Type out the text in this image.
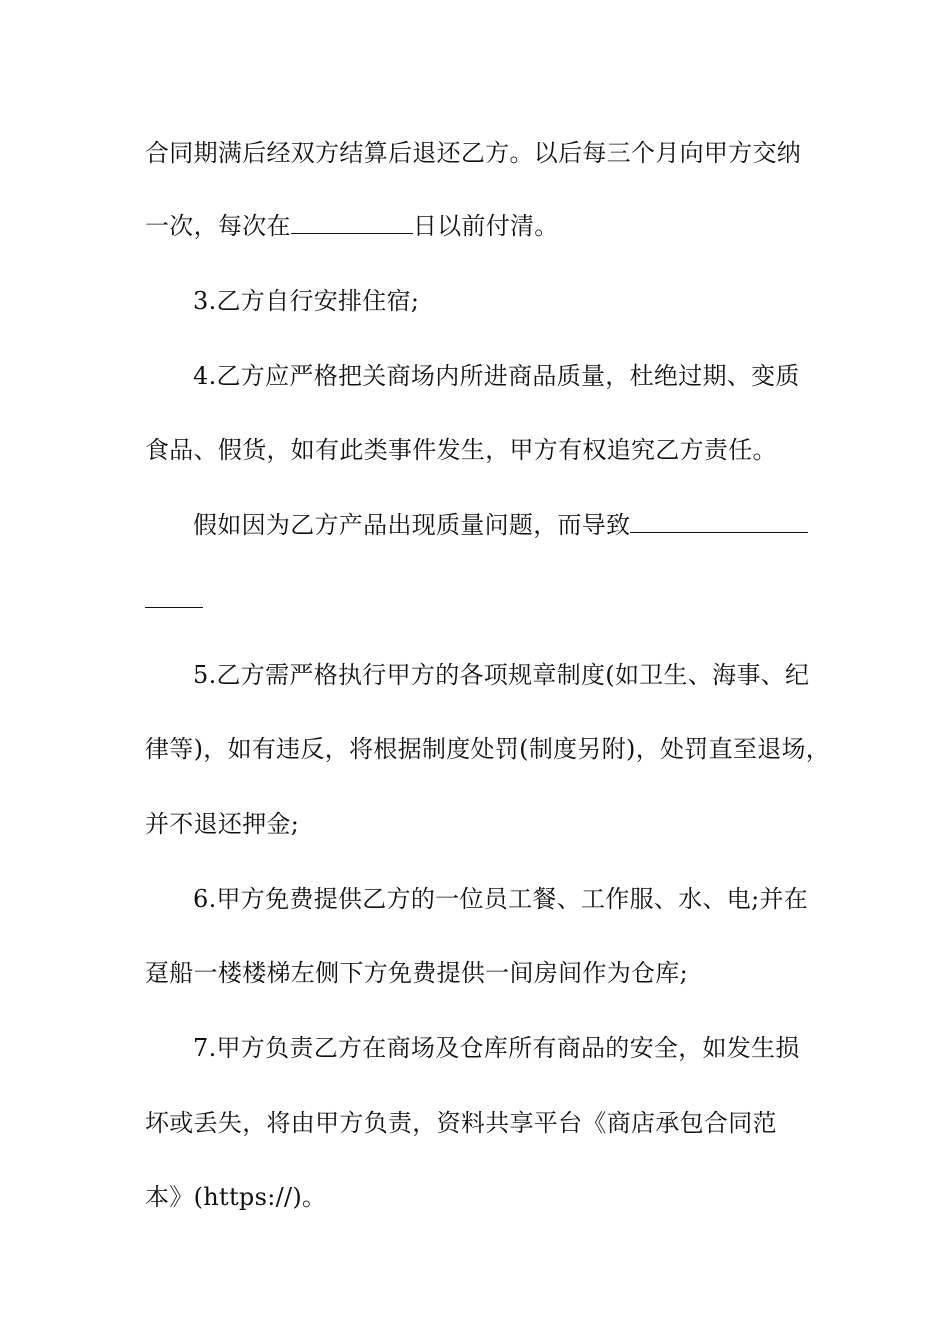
合同期满后经双方结算后退还乙方。以后每三个月向甲方交纳
一次，每次在	日以前付清。
3.乙方自行安排住宿;
4.乙方应严格把关商场内所进商品质量，杜绝过期、变质
食品、假货，如有此类事件发生，甲方有权追究乙方责任。
假如因为乙方产品出现质量问题，而导致
5.乙方需严格执行甲方的各项规章制度(如卫生、海事、纪
律等)，如有违反，将根据制度处罚(制度另附)，处罚直至退场，
并不退还押金;
6.甲方免费提供乙方的一位员工餐、工作服、水、电;并在
趸船一楼楼梯左侧下方免费提供一间房间作为仓库;
7.甲方负责乙方在商场及仓库所有商品的安全，如发生损
坏或丢失，将由甲方负责，资料共享平台《商店承包合同范
本》(https://)。
